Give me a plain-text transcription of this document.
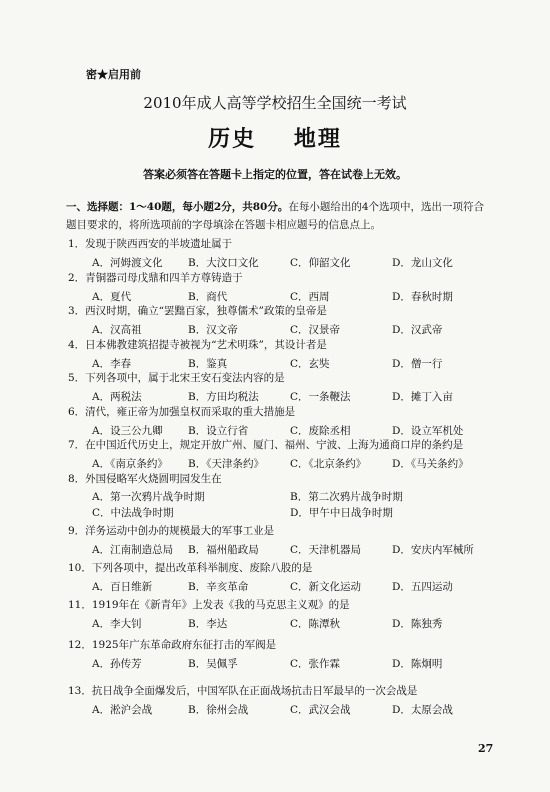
密★启用前
2010年成人高等学校招生全国统一考试
历史 地理
答案必须答在答题卡上指定的位置，答在试卷上无效。
一、选择题：1～40题，每小题2分，共80分。在每小题给出的4个选项中，选出一项符合题目要求的，将所选项前的字母填涂在答题卡相应题号的信息点上。
1．发现于陕西西安的半坡遗址属于
A．河姆渡文化 B．大汶口文化	C．仰韶文化	D．龙山文化
2．青铜器司母戊鼎和四羊方尊铸造于
A．夏代	B．商代	C．西周	D．春秋时期
3．西汉时期，确立“罢黜百家，独尊儒术”政策的皇帝是
A．汉高祖	B．汉文帝	C．汉景帝	D．汉武帝
4．日本佛教建筑招提寺被视为“艺术明珠”，其设计者是
A．李春	B．鉴真	C．玄奘	D．僧一行
5．下列各项中，属于北宋王安石变法内容的是
A．两税法	B．方田均税法	C．一条鞭法	D．摊丁入亩
6．清代，雍正帝为加强皇权而采取的重大措施是
A．设三公九卿 B．设立行省	C．废除丞相	D．设立军机处
7．在中国近代历史上，规定开放广州、厦门、福州、宁波、上海为通商口岸的条约是
A．《南京条约》 B．《天津条约》 C．《北京条约》 D．《马关条约》
8．外国侵略军火烧圆明园发生在
A．第一次鸦片战争时期	B．第二次鸦片战争时期
C．中法战争时期	D．甲午中日战争时期
9．洋务运动中创办的规模最大的军事工业是
A．江南制造总局 B．福州船政局	C．天津机器局	D．安庆内军械所
10．下列各项中，提出改革科举制度、废除八股的是
A．百日维新	B．辛亥革命	C．新文化运动	D．五四运动
11．1919年在《新青年》上发表《我的马克思主义观》的是
A．李大钊	B．李达	C．陈潭秋	D．陈独秀
12．1925年广东革命政府东征打击的军阀是
A．孙传芳	B．吴佩孚	C．张作霖	D．陈炯明
13．抗日战争全面爆发后，中国军队在正面战场抗击日军最早的一次会战是
A．淞沪会战	B．徐州会战	C．武汉会战	D．太原会战
27
